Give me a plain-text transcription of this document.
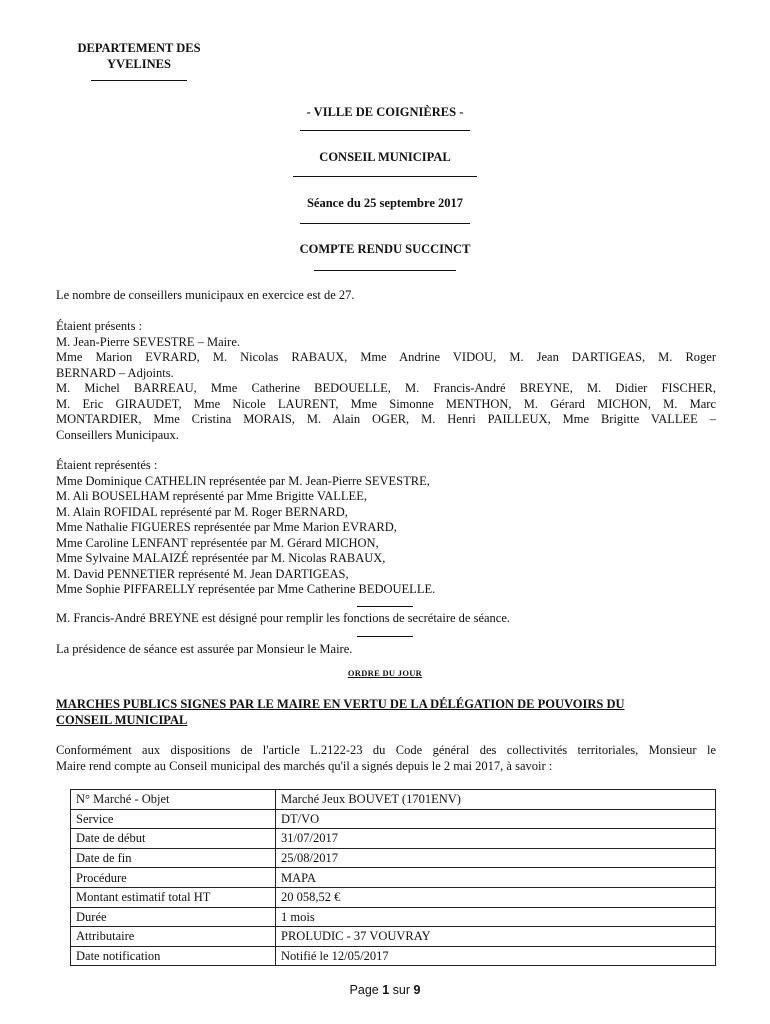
DEPARTEMENT DES
YVELINES
- VILLE DE COIGNIÈRES -
CONSEIL MUNICIPAL
Séance du 25 septembre 2017
COMPTE RENDU SUCCINCT
Le nombre de conseillers municipaux en exercice est de 27.
Étaient présents :
M. Jean-Pierre SEVESTRE – Maire.
Mme Marion EVRARD, M. Nicolas RABAUX, Mme Andrine VIDOU, M. Jean DARTIGEAS, M. Roger
BERNARD – Adjoints.
M. Michel BARREAU, Mme Catherine BEDOUELLE, M. Francis-André BREYNE, M. Didier FISCHER,
M. Eric GIRAUDET, Mme Nicole LAURENT, Mme Simonne MENTHON, M. Gérard MICHON, M. Marc
MONTARDIER, Mme Cristina MORAIS, M. Alain OGER, M. Henri PAILLEUX, Mme Brigitte VALLEE –
Conseillers Municipaux.
Étaient représentés :
Mme Dominique CATHELIN représentée par M. Jean-Pierre SEVESTRE,
M. Ali BOUSELHAM représenté par Mme Brigitte VALLEE,
M. Alain ROFIDAL représenté par M. Roger BERNARD,
Mme Nathalie FIGUERES représentée par Mme Marion EVRARD,
Mme Caroline LENFANT représentée par M. Gérard MICHON,
Mme Sylvaine MALAIZÉ représentée par M. Nicolas RABAUX,
M. David PENNETIER représenté M. Jean DARTIGEAS,
Mme Sophie PIFFARELLY représentée par Mme Catherine BEDOUELLE.
M. Francis-André BREYNE est désigné pour remplir les fonctions de secrétaire de séance.
La présidence de séance est assurée par Monsieur le Maire.
ORDRE DU JOUR
MARCHES PUBLICS SIGNES PAR LE MAIRE EN VERTU DE LA DÉLÉGATION DE POUVOIRS DU
CONSEIL MUNICIPAL
Conformément aux dispositions de l'article L.2122-23 du Code général des collectivités territoriales, Monsieur le
Maire rend compte au Conseil municipal des marchés qu'il a signés depuis le 2 mai 2017, à savoir :
N° Marché - Objet	Marché Jeux BOUVET (1701ENV)
Service	DT/VO
Date de début	31/07/2017
Date de fin	25/08/2017
Procédure	MAPA
Montant estimatif total HT	20 058,52 €
Durée	1 mois
Attributaire	PROLUDIC - 37 VOUVRAY
Date notification	Notifié le 12/05/2017
Page 1 sur 9
